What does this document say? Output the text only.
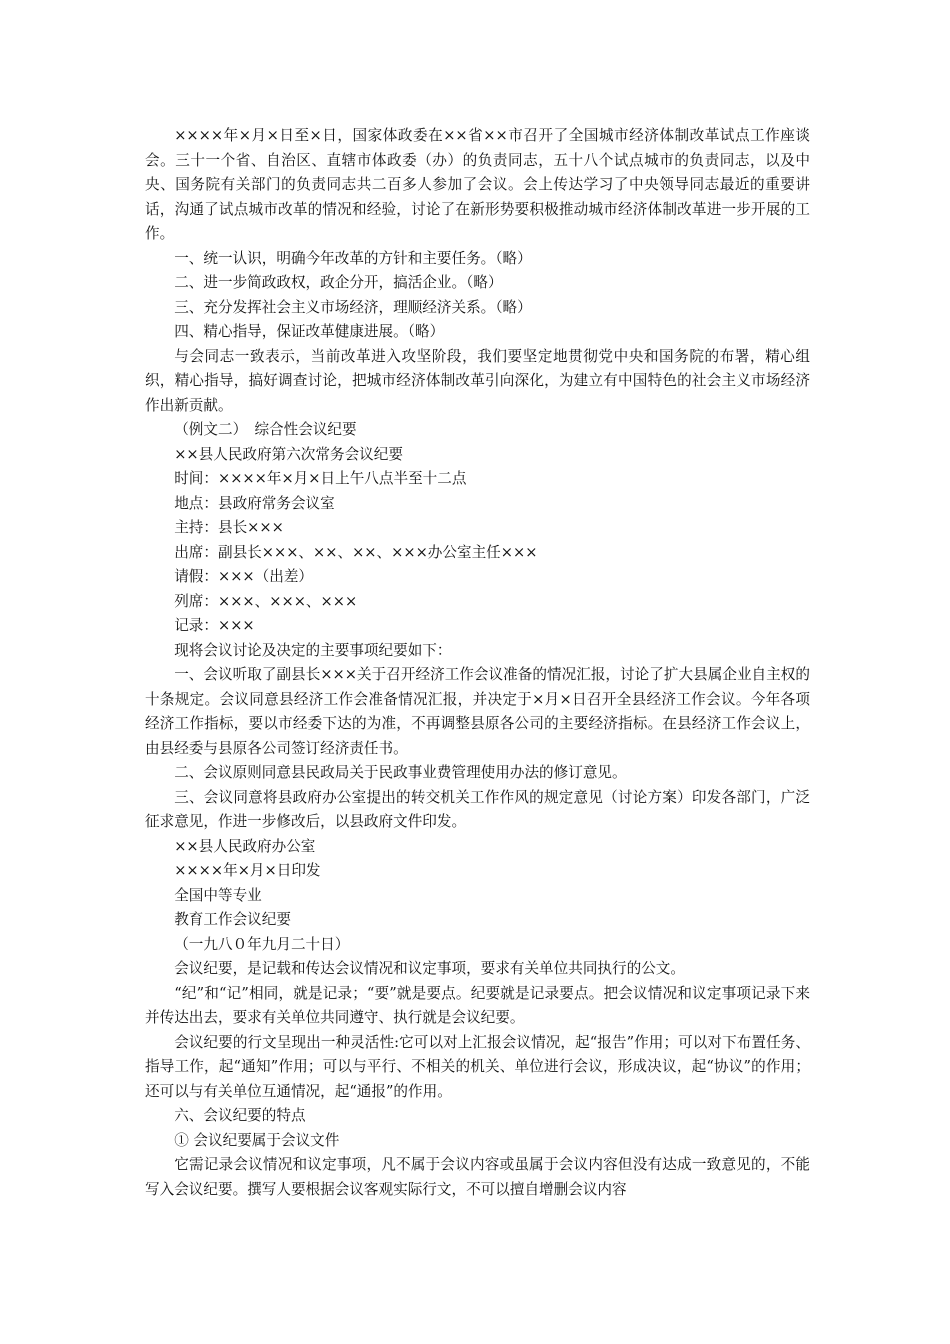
××××年×月×日至×日，国家体政委在××省××市召开了全国城市经济体制改革试点工作座谈会。三十一个省、自治区、直辖市体政委（办）的负责同志，五十八个试点城市的负责同志，以及中央、国务院有关部门的负责同志共二百多人参加了会议。会上传达学习了中央领导同志最近的重要讲话，沟通了试点城市改革的情况和经验，讨论了在新形势要积极推动城市经济体制改革进一步开展的工作。

一、统一认识，明确今年改革的方针和主要任务。（略）

二、进一步简政政权，政企分开，搞活企业。（略）

三、充分发挥社会主义市场经济，理顺经济关系。（略）

四、精心指导，保证改革健康进展。（略）

与会同志一致表示，当前改革进入攻坚阶段，我们要坚定地贯彻党中央和国务院的布署，精心组织，精心指导，搞好调查讨论，把城市经济体制改革引向深化，为建立有中国特色的社会主义市场经济作出新贡献。

（例文二）　综合性会议纪要

××县人民政府第六次常务会议纪要

时间：××××年×月×日上午八点半至十二点

地点：县政府常务会议室

主持：县长×××

出席：副县长×××、××、××、×××办公室主任×××

请假：×××（出差）

列席：×××、×××、×××

记录：×××

现将会议讨论及决定的主要事项纪要如下：

一、会议听取了副县长×××关于召开经济工作会议准备的情况汇报，讨论了扩大县属企业自主权的十条规定。会议同意县经济工作会准备情况汇报，并决定于×月×日召开全县经济工作会议。今年各项经济工作指标，要以市经委下达的为准，不再调整县原各公司的主要经济指标。在县经济工作会议上，由县经委与县原各公司签订经济责任书。

二、会议原则同意县民政局关于民政事业费管理使用办法的修订意见。

三、会议同意将县政府办公室提出的转交机关工作作风的规定意见（讨论方案）印发各部门，广泛征求意见，作进一步修改后，以县政府文件印发。

××县人民政府办公室

××××年×月×日印发

全国中等专业

教育工作会议纪要

（一九八０年九月二十日）

会议纪要，是记载和传达会议情况和议定事项，要求有关单位共同执行的公文。

“纪”和“记”相同，就是记录；“要”就是要点。纪要就是记录要点。把会议情况和议定事项记录下来并传达出去，要求有关单位共同遵守、执行就是会议纪要。

会议纪要的行文呈现出一种灵活性:它可以对上汇报会议情况，起“报告”作用；可以对下布置任务、指导工作，起“通知”作用；可以与平行、不相关的机关、单位进行会议，形成决议，起“协议”的作用；还可以与有关单位互通情况，起“通报”的作用。

六、会议纪要的特点

① 会议纪要属于会议文件

它需记录会议情况和议定事项，凡不属于会议内容或虽属于会议内容但没有达成一致意见的，不能写入会议纪要。撰写人要根据会议客观实际行文，不可以擅自增删会议内容
